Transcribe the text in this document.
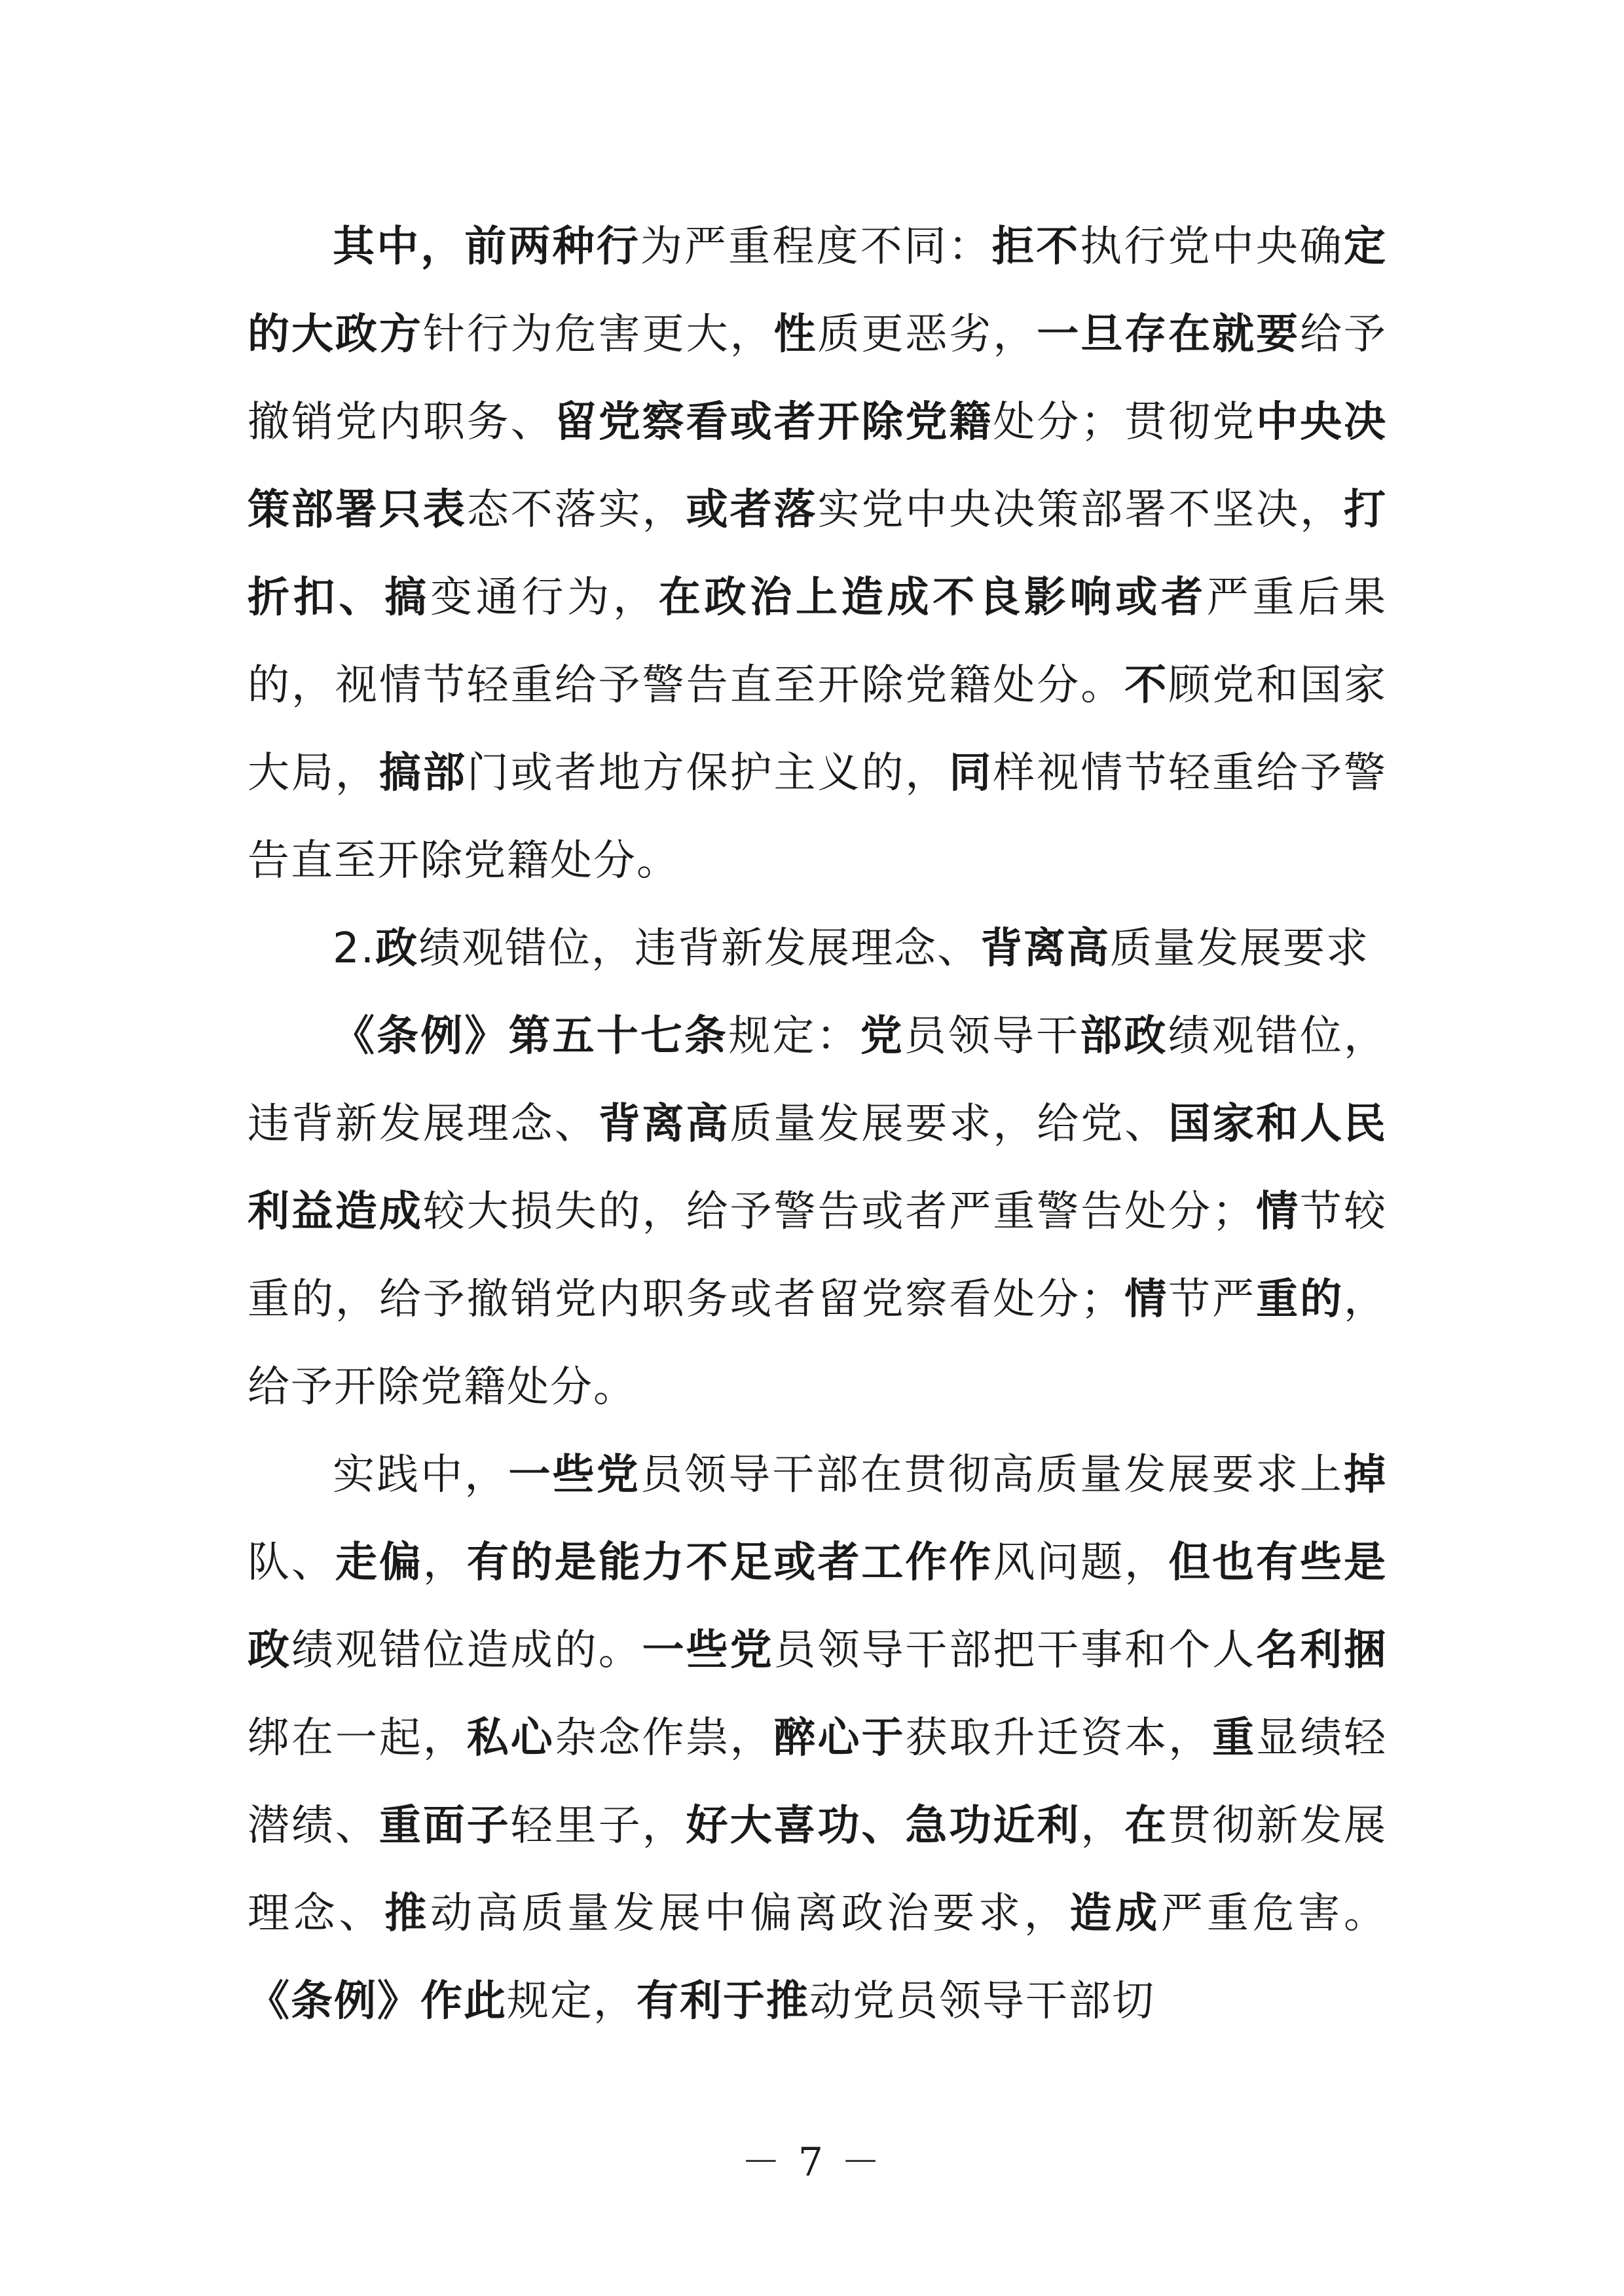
其中，前两种行为严重程度不同：拒不执行党中央确定的大政方针行为危害更大，性质更恶劣，一旦存在就要给予撤销党内职务、留党察看或者开除党籍处分；贯彻党中央决策部署只表态不落实，或者落实党中央决策部署不坚决，打折扣、搞变通行为，在政治上造成不良影响或者严重后果的，视情节轻重给予警告直至开除党籍处分。不顾党和国家大局，搞部门或者地方保护主义的，同样视情节轻重给予警告直至开除党籍处分。

2.政绩观错位，违背新发展理念、背离高质量发展要求

《条例》第五十七条规定：党员领导干部政绩观错位，违背新发展理念、背离高质量发展要求，给党、国家和人民利益造成较大损失的，给予警告或者严重警告处分；情节较重的，给予撤销党内职务或者留党察看处分；情节严重的，给予开除党籍处分。

实践中，一些党员领导干部在贯彻高质量发展要求上掉队、走偏，有的是能力不足或者工作作风问题，但也有些是政绩观错位造成的。一些党员领导干部把干事和个人名利捆绑在一起，私心杂念作祟，醉心于获取升迁资本，重显绩轻潜绩、重面子轻里子，好大喜功、急功近利，在贯彻新发展理念、推动高质量发展中偏离政治要求，造成严重危害。《条例》作此规定，有利于推动党员领导干部切

－ 7 －
